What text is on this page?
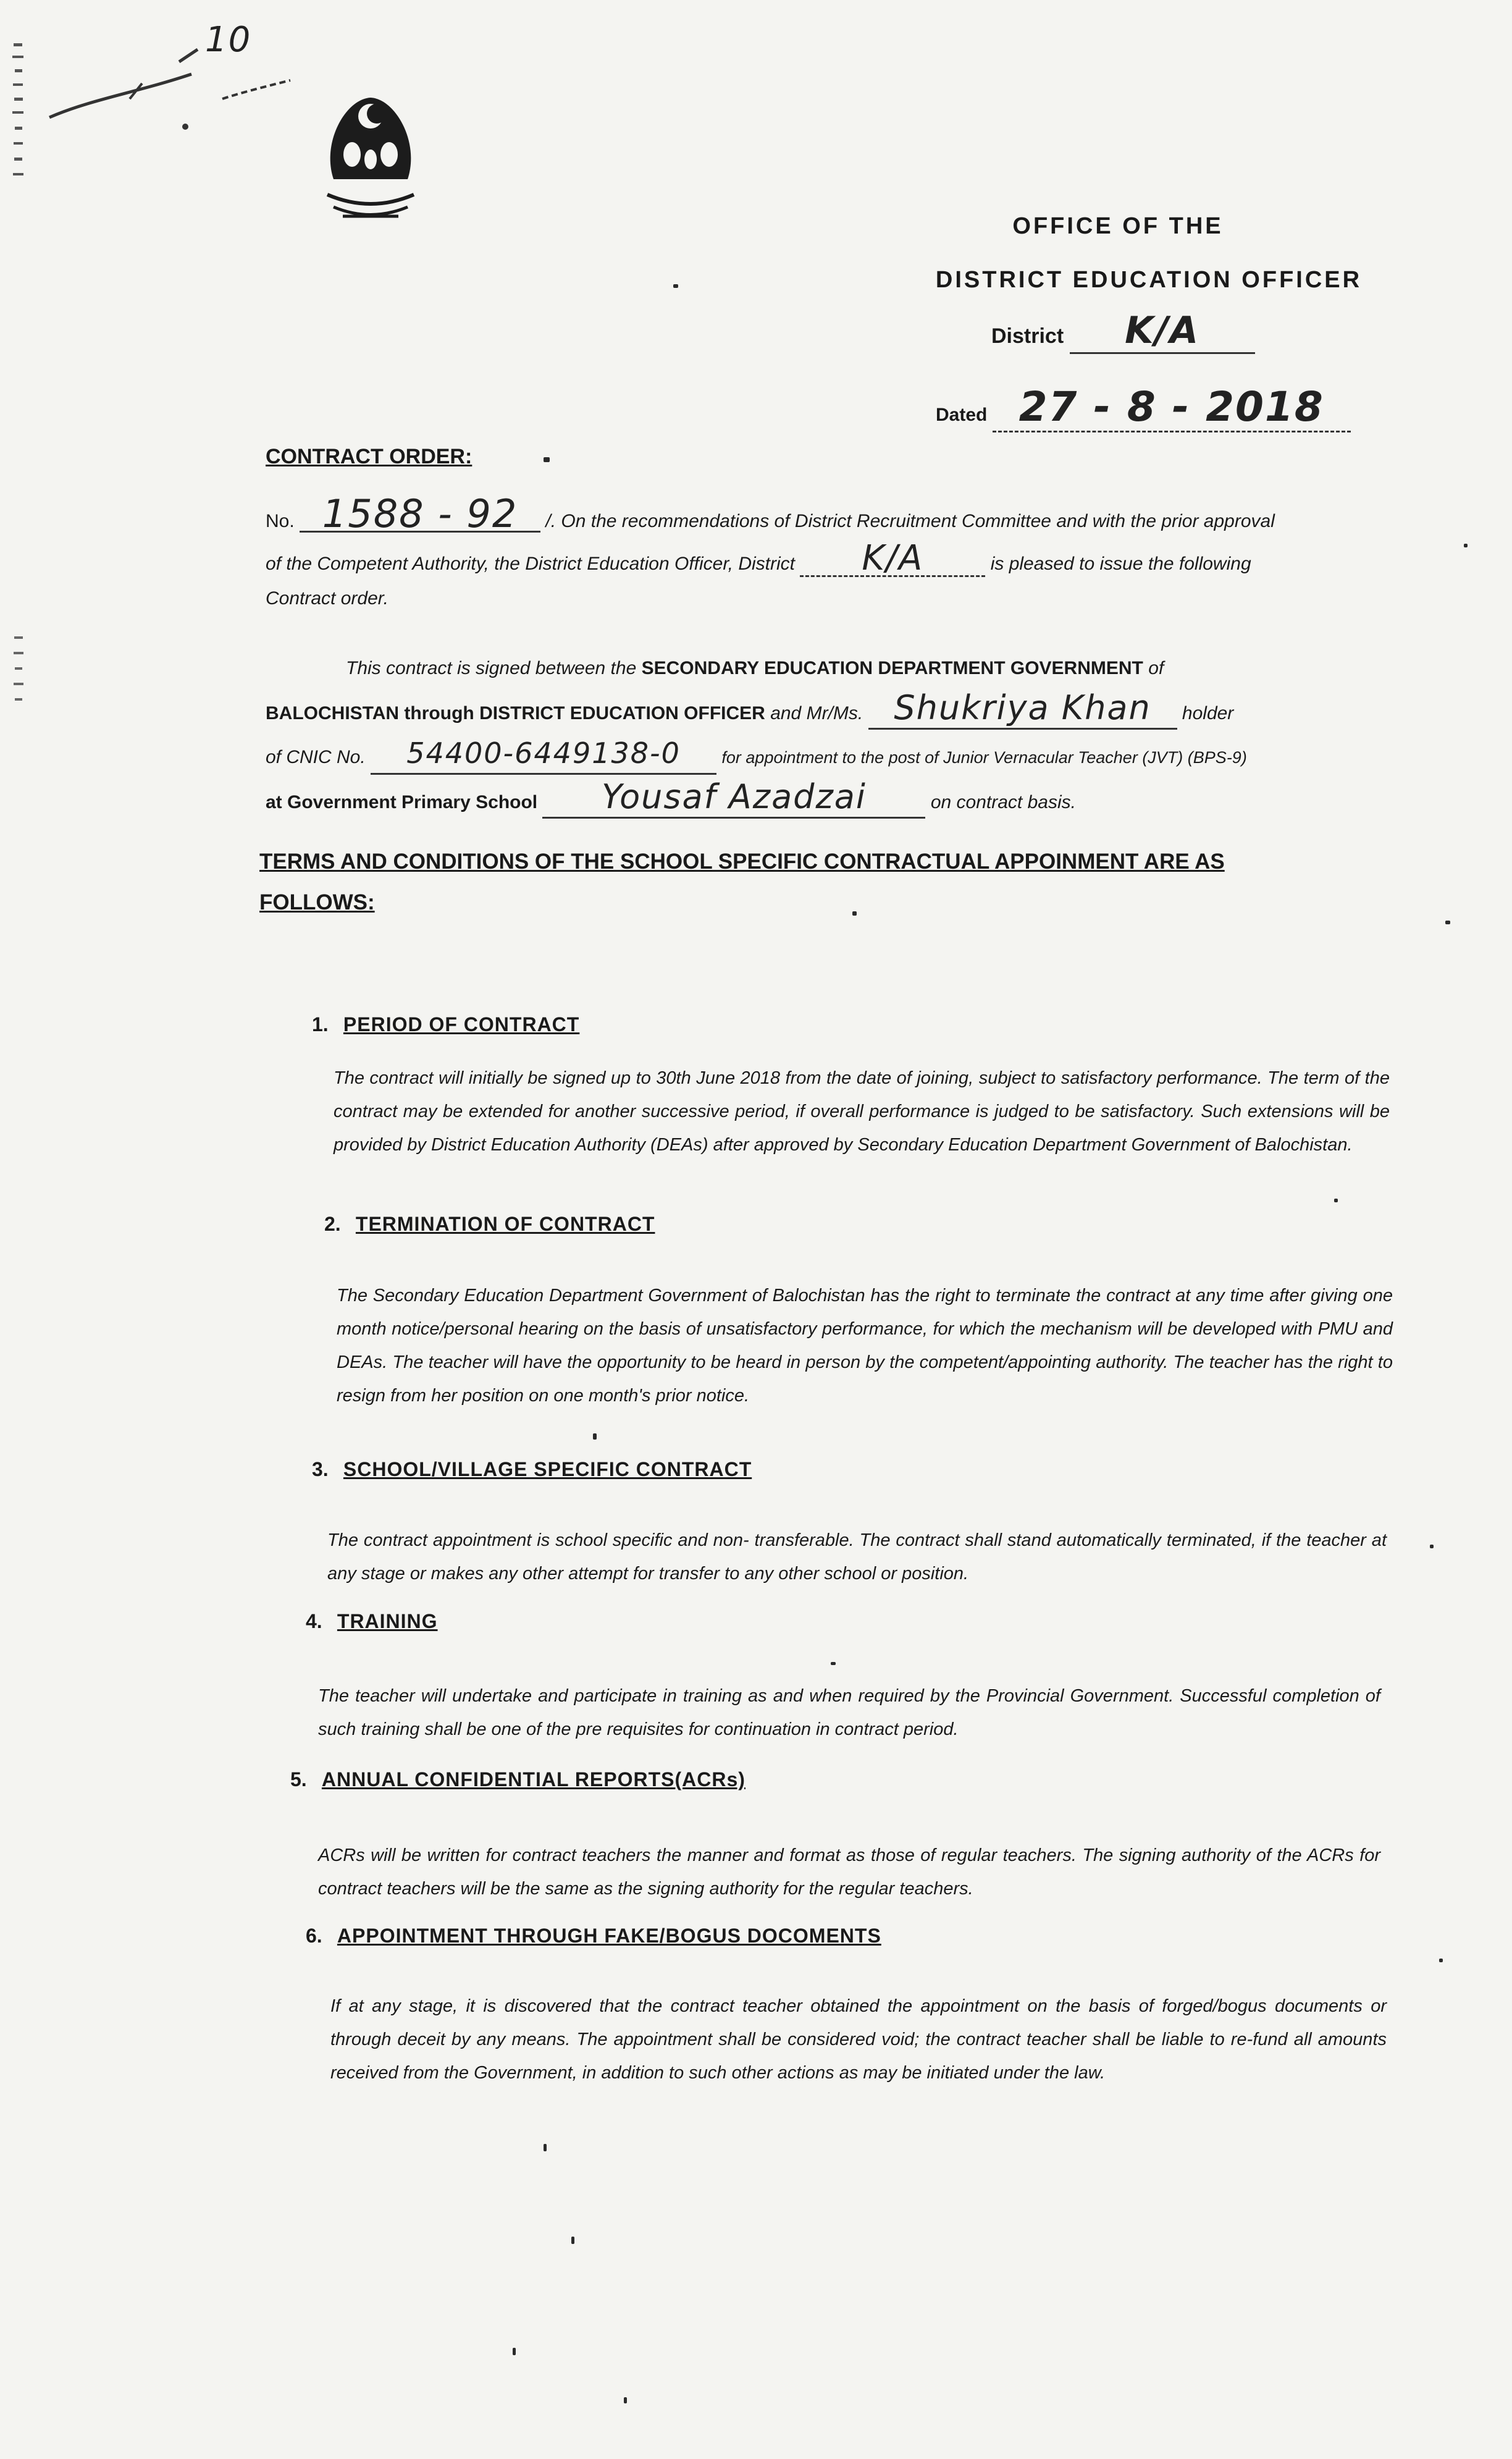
10
OFFICE OF THE
DISTRICT EDUCATION OFFICER
District K/A
Dated 27 - 8 - 2018
CONTRACT ORDER:
No. 1588 - 92 /. On the recommendations of District Recruitment Committee and with the prior approval
of the Competent Authority, the District Education Officer, District K/A	is pleased to issue the following
Contract order.
This contract is signed between the SECONDARY EDUCATION DEPARTMENT GOVERNMENT of
BALOCHISTAN through DISTRICT EDUCATION OFFICER and Mr/Ms. Shukriya Khan holder
of CNIC No. 54400-6449138-0 for appointment to the post of Junior Vernacular Teacher (JVT) (BPS-9)
at Government Primary School Yousaf Azadzai	on contract basis.
TERMS AND CONDITIONS OF THE SCHOOL SPECIFIC CONTRACTUAL APPOINMENT ARE AS
FOLLOWS:
1. PERIOD OF CONTRACT
The contract will initially be signed up to 30th June 2018 from the date of joining, subject to satisfactory performance. The term of the contract may be extended for another successive period, if overall performance is judged to be satisfactory. Such extensions will be provided by District Education Authority (DEAs) after approved by Secondary Education Department Government of Balochistan.
2. TERMINATION OF CONTRACT
The Secondary Education Department Government of Balochistan has the right to terminate the contract at any time after giving one month notice/personal hearing on the basis of unsatisfactory performance, for which the mechanism will be developed with PMU and DEAs. The teacher will have the opportunity to be heard in person by the competent/appointing authority. The teacher has the right to resign from her position on one month's prior notice.
3. SCHOOL/VILLAGE SPECIFIC CONTRACT
The contract appointment is school specific and non- transferable. The contract shall stand automatically terminated, if the teacher at any stage or makes any other attempt for transfer to any other school or position.
4. TRAINING
The teacher will undertake and participate in training as and when required by the Provincial Government. Successful completion of such training shall be one of the pre requisites for continuation in contract period.
5. ANNUAL CONFIDENTIAL REPORTS(ACRs)
ACRs will be written for contract teachers the manner and format as those of regular teachers. The signing authority of the ACRs for contract teachers will be the same as the signing authority for the regular teachers.
6. APPOINTMENT THROUGH FAKE/BOGUS DOCOMENTS
If at any stage, it is discovered that the contract teacher obtained the appointment on the basis of forged/bogus documents or through deceit by any means. The appointment shall be considered void; the contract teacher shall be liable to re-fund all amounts received from the Government, in addition to such other actions as may be initiated under the law.
